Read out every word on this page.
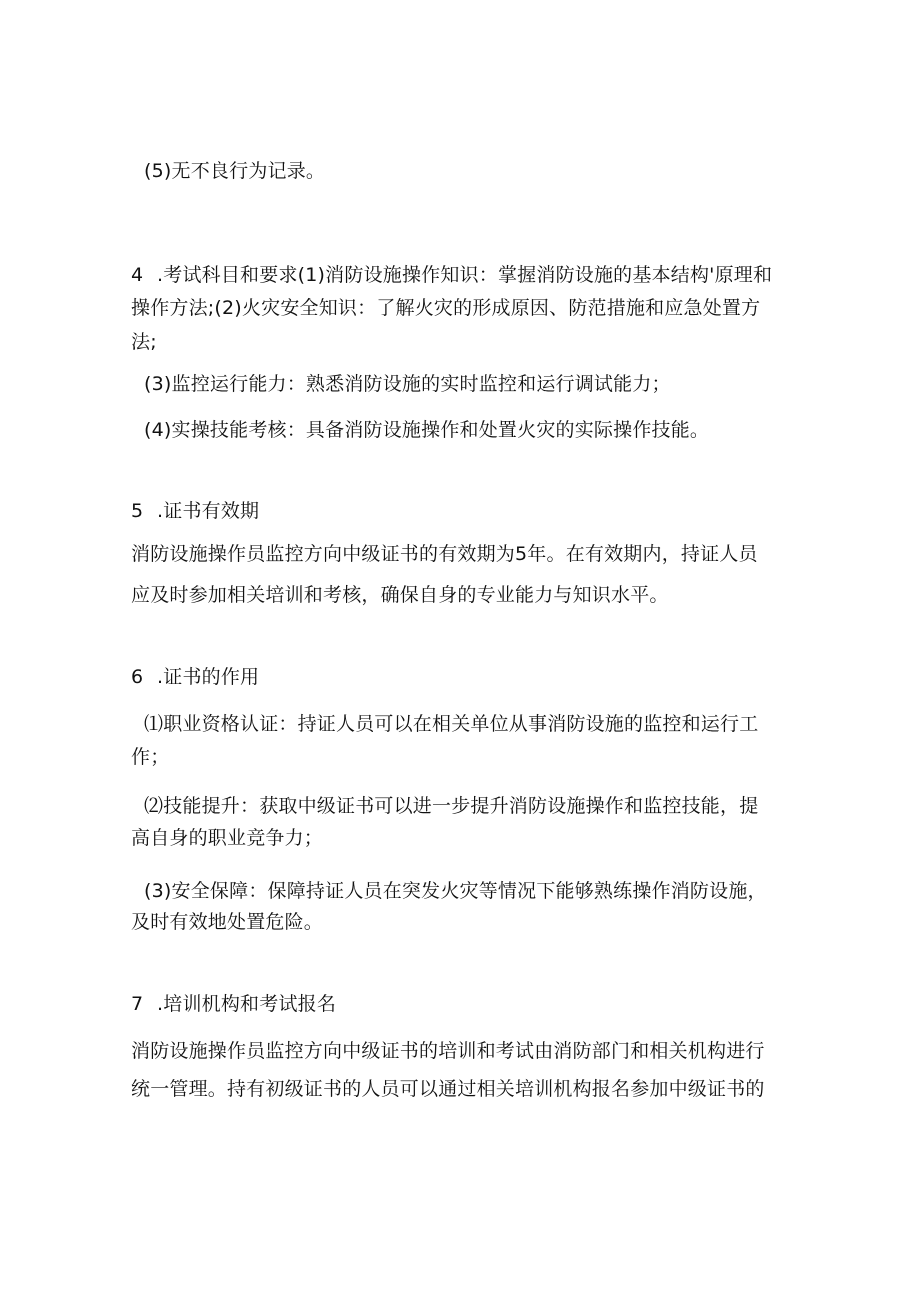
(5)无不良行为记录。
4 .考试科目和要求(1)消防设施操作知识：掌握消防设施的基本结构'原理和
操作方法;(2)火灾安全知识：了解火灾的形成原因、防范措施和应急处置方
法;
(3)监控运行能力：熟悉消防设施的实时监控和运行调试能力；
(4)实操技能考核：具备消防设施操作和处置火灾的实际操作技能。
5 .证书有效期
消防设施操作员监控方向中级证书的有效期为5年。在有效期内，持证人员
应及时参加相关培训和考核，确保自身的专业能力与知识水平。
6 .证书的作用
⑴职业资格认证：持证人员可以在相关单位从事消防设施的监控和运行工
作；
⑵技能提升：获取中级证书可以进一步提升消防设施操作和监控技能，提
高自身的职业竞争力；
(3)安全保障：保障持证人员在突发火灾等情况下能够熟练操作消防设施，
及时有效地处置危险。
7 .培训机构和考试报名
消防设施操作员监控方向中级证书的培训和考试由消防部门和相关机构进行
统一管理。持有初级证书的人员可以通过相关培训机构报名参加中级证书的
